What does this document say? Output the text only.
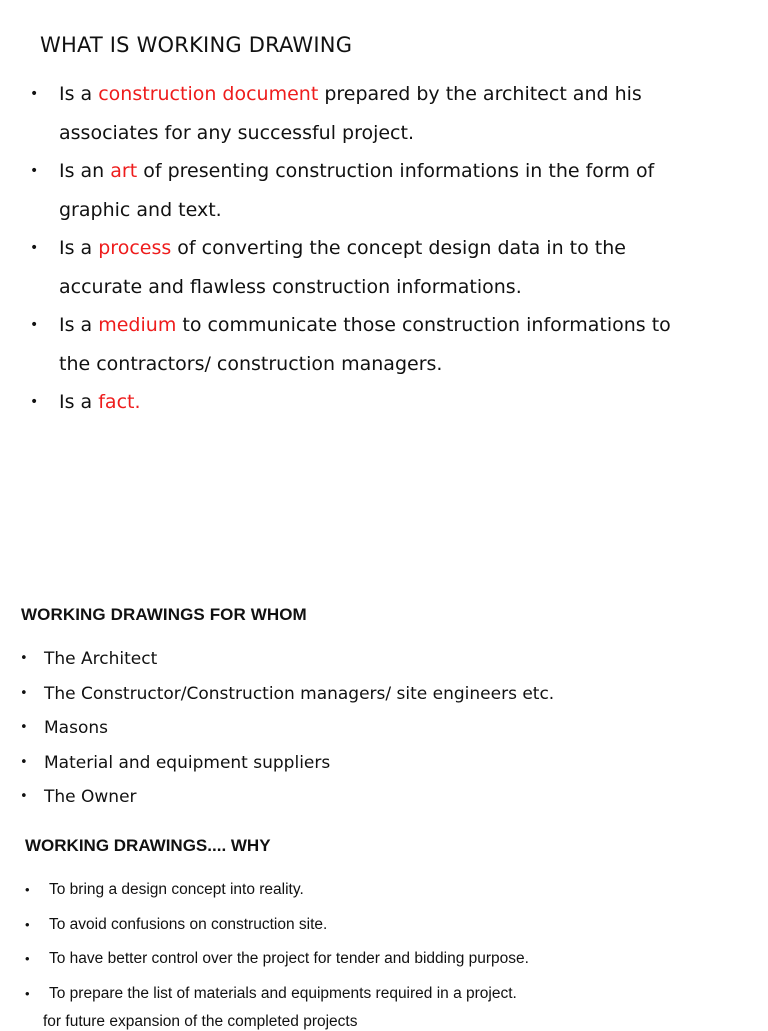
WHAT IS WORKING DRAWING
• Is a construction document prepared by the architect and his associates for any successful project.
• Is an art of presenting construction informations in the form of graphic and text.
• Is a process of converting the concept design data in to the accurate and flawless construction informations.
• Is a medium to communicate those construction informations to the contractors/ construction managers.
• Is a fact.
WORKING DRAWINGS FOR WHOM
• The Architect
• The Constructor/Construction managers/ site engineers etc.
• Masons
• Material and equipment suppliers
• The Owner
WORKING DRAWINGS.... WHY
• To bring a design concept into reality.
• To avoid confusions on construction site.
• To have better control over the project for tender and bidding purpose.
• To prepare the list of materials and equipments required in a project.
for future expansion of the completed projects
